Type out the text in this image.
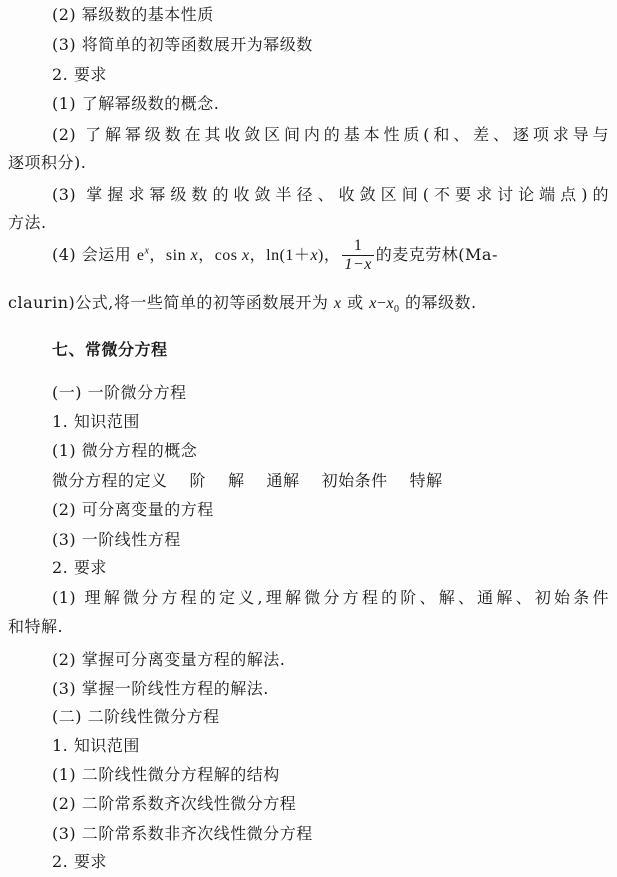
(2) 幂级数的基本性质
(3) 将简单的初等函数展开为幂级数
2. 要求
(1) 了解幂级数的概念.
(2) 了解幂级数在其收敛区间内的基本性质(和、差、逐项求导与
逐项积分).
(3) 掌握求幂级数的收敛半径、收敛区间(不要求讨论端点)的
方法.
(4) 会运用 $e^x$，sin x，cos x，ln(1＋x)， $\frac{1}{1-x}$ 的麦克劳林(Ma-
claurin)公式,将一些简单的初等函数展开为 x 或 $x-x_0$ 的幂级数.
七、常微分方程
(一) 一阶微分方程
1. 知识范围
(1) 微分方程的概念
微分方程的定义 阶 解 通解 初始条件 特解
(2) 可分离变量的方程
(3) 一阶线性方程
2. 要求
(1) 理解微分方程的定义,理解微分方程的阶、解、通解、初始条件
和特解.
(2) 掌握可分离变量方程的解法.
(3) 掌握一阶线性方程的解法.
(二) 二阶线性微分方程
1. 知识范围
(1) 二阶线性微分方程解的结构
(2) 二阶常系数齐次线性微分方程
(3) 二阶常系数非齐次线性微分方程
2. 要求
